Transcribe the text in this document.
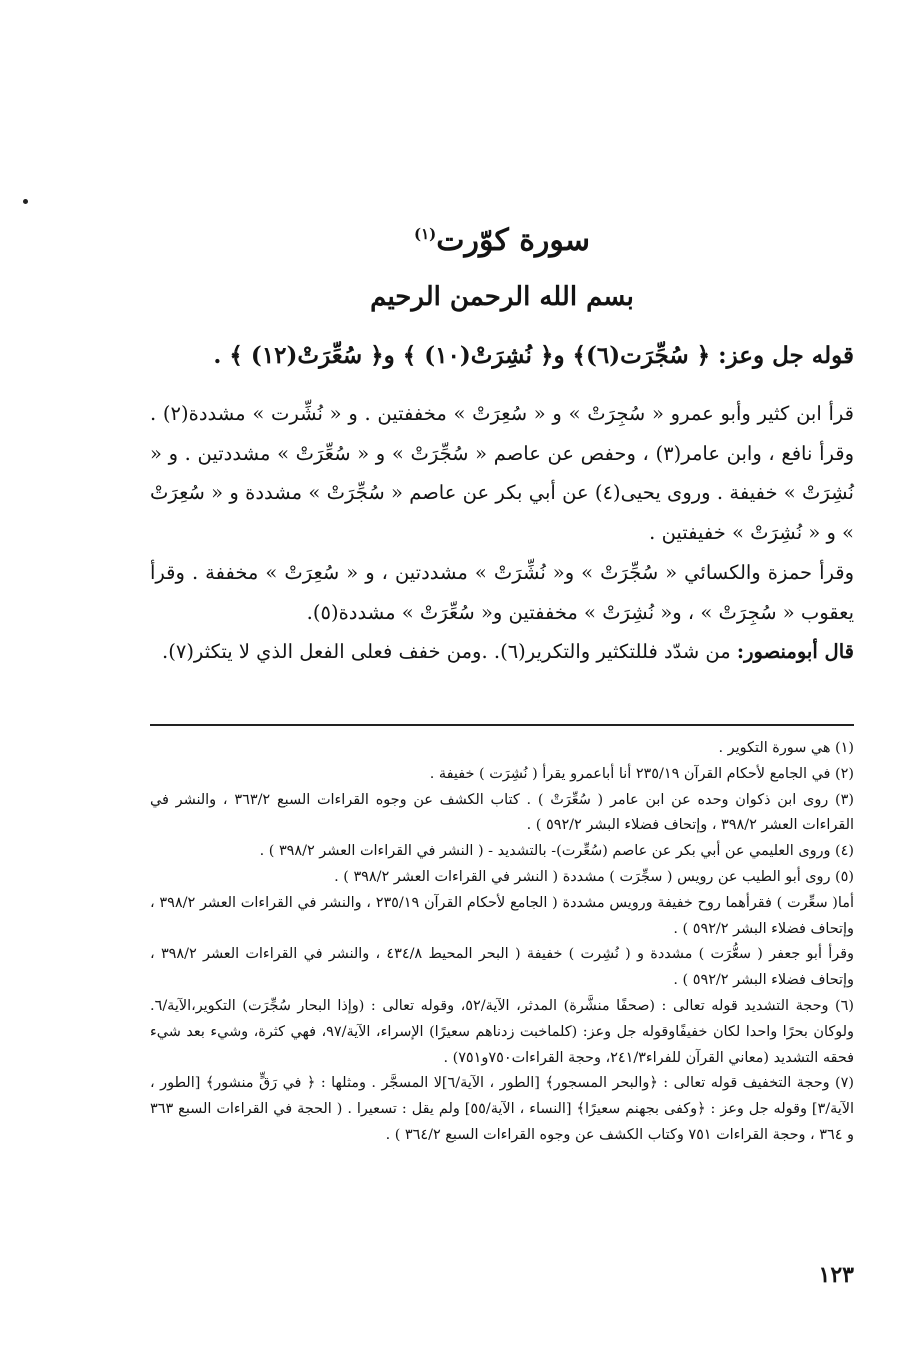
سورة كوّرت$^{(١)}$
بسم الله الرحمن الرحيم
قوله جل وعز: ﴿ سُجِّرَت(٦)﴾ و﴿ نُشِرَتْ(١٠) ﴾ و﴿ سُعِّرَتْ(١٢) ﴾ .

قرأ ابن كثير وأبو عمرو « سُجِرَتْ » و « سُعِرَتْ » مخففتين . و « نُشِّرت » مشددة(٢) . وقرأ نافع ، وابن عامر(٣) ، وحفص عن عاصم « سُجِّرَتْ » و « سُعِّرَتْ » مشددتين . و « نُشِرَتْ » خفيفة . وروى يحيى(٤) عن أبي بكر عن عاصم « سُجِّرَتْ » مشددة و « سُعِرَتْ » و « نُشِرَتْ » خفيفتين .

وقرأ حمزة والكسائي « سُجِّرَتْ » و« نُشِّرَتْ » مشددتين ، و « سُعِرَتْ » مخففة . وقرأ يعقوب « سُجِرَتْ » ، و« نُشِرَتْ » مخففتين و« سُعِّرَتْ » مشددة(٥).

قال أبومنصور: من شدّد فللتكثير والتكرير(٦). .ومن خفف فعلى الفعل الذي لا يتكثر(٧).

(١) هي سورة التكوير .

(٢) في الجامع لأحكام القرآن ٢٣٥/١٩ أنا أباعمرو يقرأ ( نُشِرَت ) خفيفة .

(٣) روى ابن ذكوان وحده عن ابن عامر ( سُعِّرَتْ ) . كتاب الكشف عن وجوه القراءات السبع ٣٦٣/٢ ، والنشر في القراءات العشر ٣٩٨/٢ ، وإتحاف فضلاء البشر ٥٩٢/٢ ) .

(٤) وروى العليمي عن أبي بكر عن عاصم (سُعِّرت)- بالتشديد - ( النشر في القراءات العشر ٣٩٨/٢ ) .

(٥) روى أبو الطيب عن رويس ( سجِّرَت ) مشددة ( النشر في القراءات العشر ٣٩٨/٢ ) .

أما( سعِّرت ) فقرأهما روح خفيفة ورويس مشددة ( الجامع لأحكام القرآن ٢٣٥/١٩ ، والنشر في القراءات العشر ٣٩٨/٢ ، وإتحاف فضلاء البشر ٥٩٢/٢ ) .

وقرأ أبو جعفر ( سعُّرَت ) مشددة و ( نُشِرت ) خفيفة ( البحر المحيط ٤٣٤/٨ ، والنشر في القراءات العشر ٣٩٨/٢ ، وإتحاف فضلاء البشر ٥٩٢/٢ ) .

(٦) وحجة التشديد قوله تعالى : (صحفًا منشَّرة) المدثر، الآية/٥٢، وقوله تعالى : (وإذا البحار سُجِّرَت) التكوير،الآية/٦. ولوكان بحرًا واحدا لكان خفيفًاوقوله جل وعز: (كلماخبت زدناهم سعيرًا) الإسراء، الآية/٩٧، فهي كثرة، وشيء بعد شيء فحقه التشديد (معاني القرآن للفراء٢٤١/٣، وحجة القراءات٧٥٠و٧٥١) .

(٧) وحجة التخفيف قوله تعالى : ﴿والبحر المسجور﴾ [الطور ، الآية/٦]لا المسجَّر . ومثلها : ﴿ في رَقٍّ منشور﴾ [الطور ، الآية/٣] وقوله جل وعز : ﴿وكفى بجهنم سعيرًا﴾ [النساء ، الآية/٥٥] ولم يقل : تسعيرا . ( الحجة في القراءات السبع ٣٦٣ و ٣٦٤ ، وحجة القراءات ٧٥١ وكتاب الكشف عن وجوه القراءات السبع ٣٦٤/٢ ) .

١٢٣
